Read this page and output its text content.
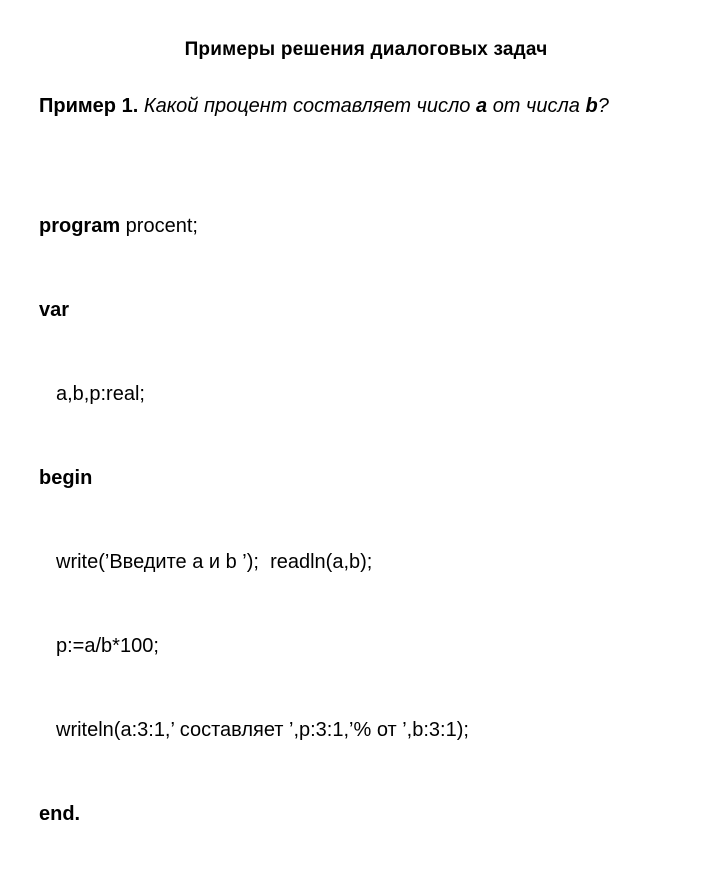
Примеры решения диалоговых задач
Пример 1. Какой процент составляет число a от числа b?

program procent;

var

a,b,p:real;

begin

write(’Введите a и b ’);  readln(a,b);

p:=a/b*100;

writeln(a:3:1,’ составляет ’,p:3:1,’% от ’,b:3:1);

end.
